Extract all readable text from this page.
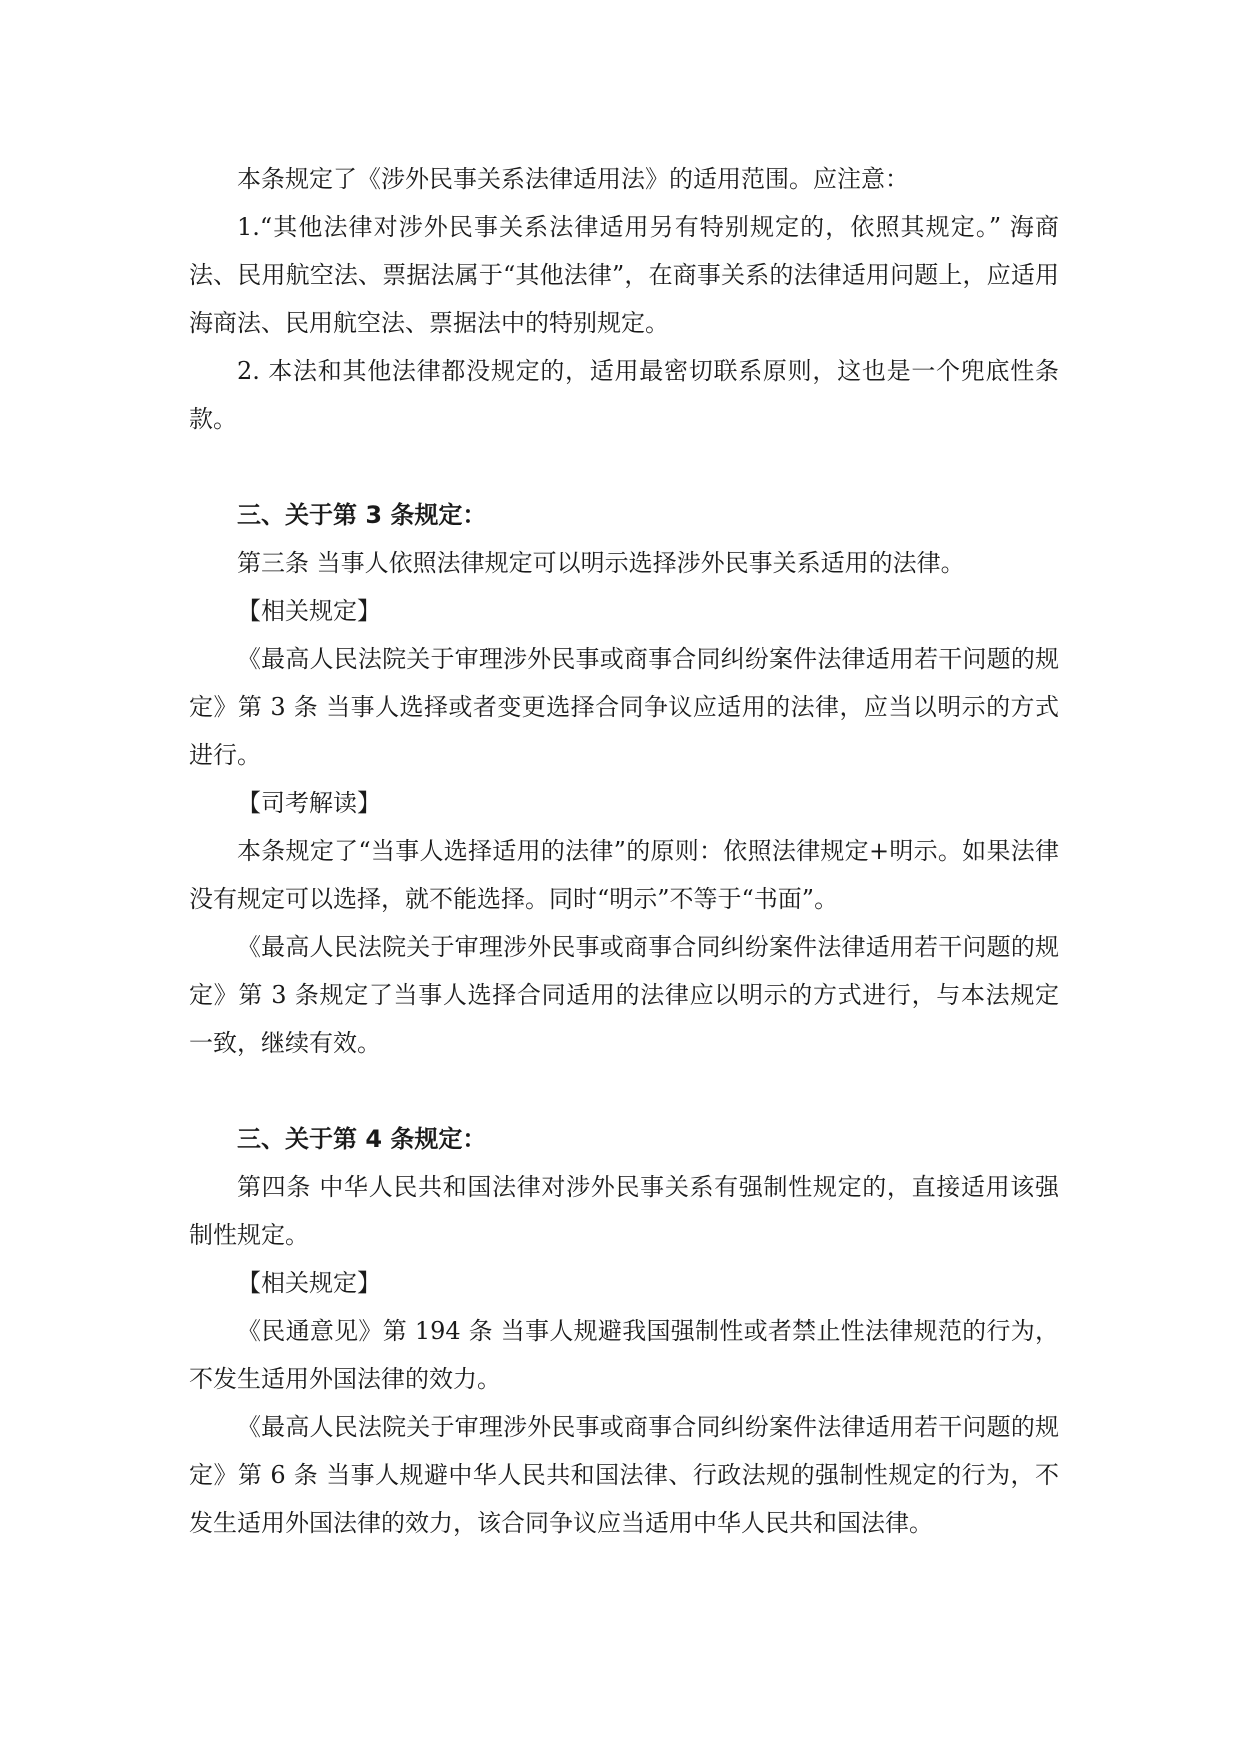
本条规定了《涉外民事关系法律适用法》的适用范围。应注意：

1.“其他法律对涉外民事关系法律适用另有特别规定的，依照其规定。” 海商法、民用航空法、票据法属于“其他法律”，在商事关系的法律适用问题上，应适用海商法、民用航空法、票据法中的特别规定。

2. 本法和其他法律都没规定的，适用最密切联系原则，这也是一个兜底性条款。

三、关于第 3 条规定：

第三条 当事人依照法律规定可以明示选择涉外民事关系适用的法律。

【相关规定】

《最高人民法院关于审理涉外民事或商事合同纠纷案件法律适用若干问题的规定》第 3 条 当事人选择或者变更选择合同争议应适用的法律，应当以明示的方式进行。

【司考解读】

本条规定了“当事人选择适用的法律”的原则：依照法律规定+明示。如果法律没有规定可以选择，就不能选择。同时“明示”不等于“书面”。

《最高人民法院关于审理涉外民事或商事合同纠纷案件法律适用若干问题的规定》第 3 条规定了当事人选择合同适用的法律应以明示的方式进行，与本法规定一致，继续有效。

三、关于第 4 条规定：

第四条 中华人民共和国法律对涉外民事关系有强制性规定的，直接适用该强制性规定。

【相关规定】

《民通意见》第 194 条 当事人规避我国强制性或者禁止性法律规范的行为，不发生适用外国法律的效力。

《最高人民法院关于审理涉外民事或商事合同纠纷案件法律适用若干问题的规定》第 6 条 当事人规避中华人民共和国法律、行政法规的强制性规定的行为，不发生适用外国法律的效力，该合同争议应当适用中华人民共和国法律。
